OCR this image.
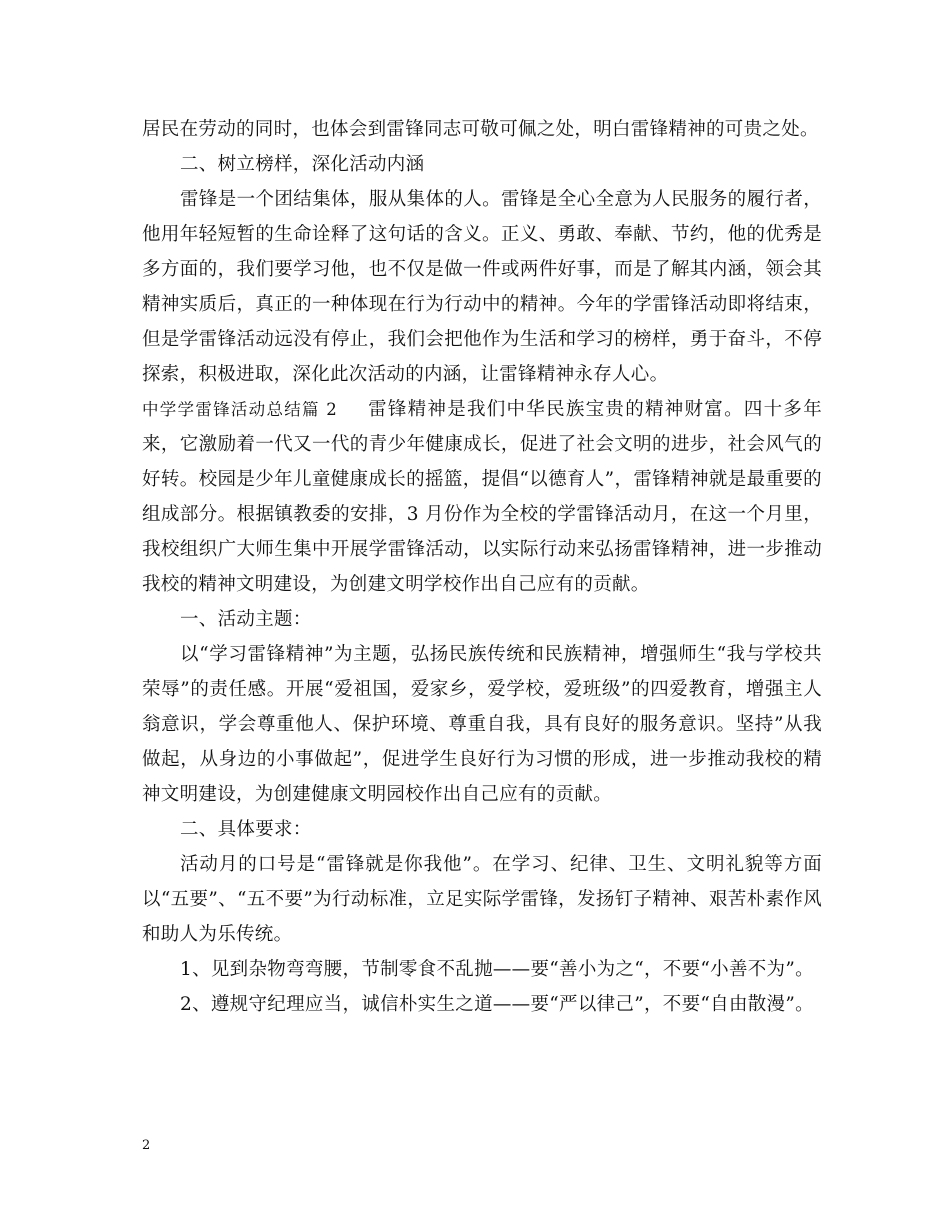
居民在劳动的同时，也体会到雷锋同志可敬可佩之处，明白雷锋精神的可贵之处。

二、树立榜样，深化活动内涵

雷锋是一个团结集体，服从集体的人。雷锋是全心全意为人民服务的履行者，他用年轻短暂的生命诠释了这句话的含义。正义、勇敢、奉献、节约，他的优秀是多方面的，我们要学习他，也不仅是做一件或两件好事，而是了解其内涵，领会其精神实质后，真正的一种体现在行为行动中的精神。今年的学雷锋活动即将结束，但是学雷锋活动远没有停止，我们会把他作为生活和学习的榜样，勇于奋斗，不停探索，积极进取，深化此次活动的内涵，让雷锋精神永存人心。

中学学雷锋活动总结篇 2 雷锋精神是我们中华民族宝贵的精神财富。四十多年来，它激励着一代又一代的青少年健康成长，促进了社会文明的进步，社会风气的好转。校园是少年儿童健康成长的摇篮，提倡“以德育人”，雷锋精神就是最重要的组成部分。根据镇教委的安排，3 月份作为全校的学雷锋活动月，在这一个月里，我校组织广大师生集中开展学雷锋活动，以实际行动来弘扬雷锋精神，进一步推动我校的精神文明建设，为创建文明学校作出自己应有的贡献。

一、活动主题：

以“学习雷锋精神”为主题，弘扬民族传统和民族精神，增强师生“我与学校共荣辱”的责任感。开展“爱祖国，爱家乡，爱学校，爱班级”的四爱教育，增强主人翁意识，学会尊重他人、保护环境、尊重自我，具有良好的服务意识。坚持”从我做起，从身边的小事做起”，促进学生良好行为习惯的形成，进一步推动我校的精神文明建设，为创建健康文明园校作出自己应有的贡献。

二、具体要求：

活动月的口号是“雷锋就是你我他”。在学习、纪律、卫生、文明礼貌等方面以“五要”、“五不要”为行动标准，立足实际学雷锋，发扬钉子精神、艰苦朴素作风和助人为乐传统。

1、见到杂物弯弯腰，节制零食不乱抛——要“善小为之“，不要“小善不为”。

2、遵规守纪理应当，诚信朴实生之道——要“严以律己”，不要“自由散漫”。

2
